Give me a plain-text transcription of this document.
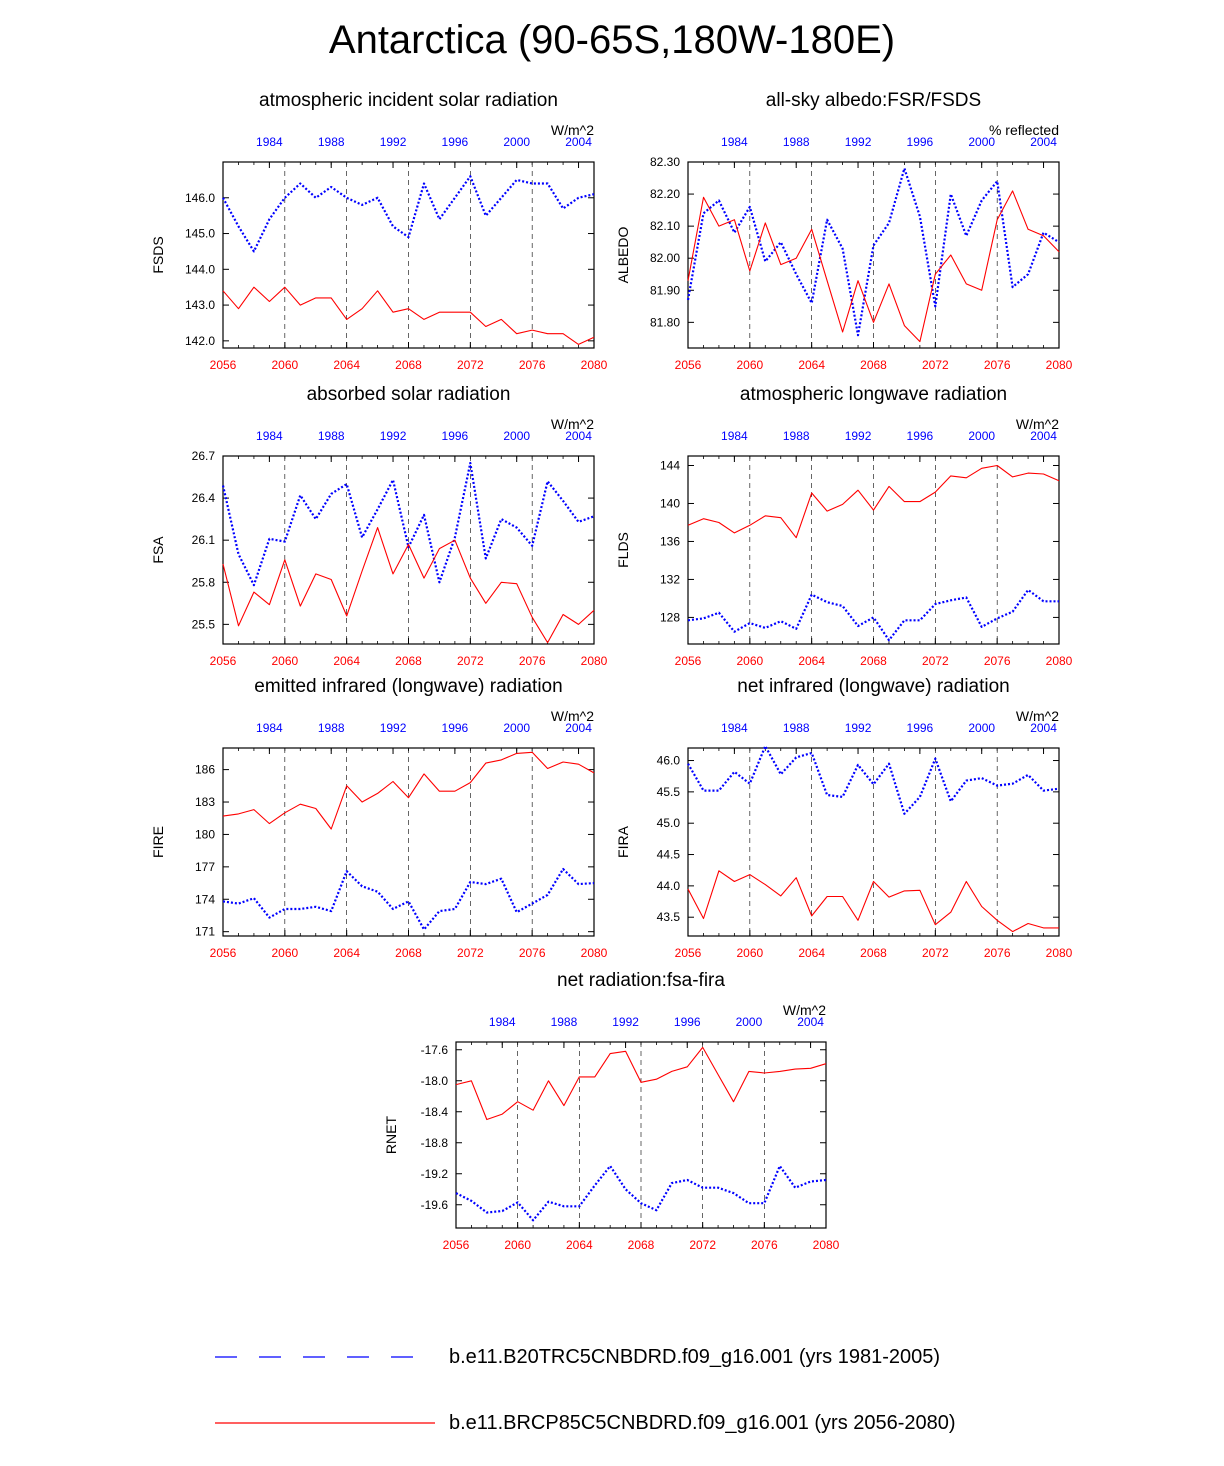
Antarctica (90-65S,180W-180E)
atmospheric incident solar radiation
W/m^2
FSDS
2056	2060	2064	2068	2072	2076	2080
1984	1988	1992	1996	2000	2004
142.0
143.0
144.0
145.0
146.0
all-sky albedo:FSR/FSDS
% reflected
ALBEDO
2056	2060	2064	2068	2072	2076	2080
1984	1988	1992	1996	2000	2004
81.80
81.90
82.00
82.10
82.20
82.30
absorbed solar radiation
W/m^2
FSA
2056	2060	2064	2068	2072	2076	2080
1984	1988	1992	1996	2000	2004
25.5
25.8
26.1
26.4
26.7
atmospheric longwave radiation
W/m^2
FLDS
2056	2060	2064	2068	2072	2076	2080
1984	1988	1992	1996	2000	2004
128
132
136
140
144
emitted infrared (longwave) radiation
W/m^2
FIRE
2056	2060	2064	2068	2072	2076	2080
1984	1988	1992	1996	2000	2004
171
174
177
180
183
186
net infrared (longwave) radiation
W/m^2
FIRA
2056	2060	2064	2068	2072	2076	2080
1984	1988	1992	1996	2000	2004
43.5
44.0
44.5
45.0
45.5
46.0
net radiation:fsa-fira
W/m^2
RNET
2056	2060	2064	2068	2072	2076	2080
1984	1988	1992	1996	2000	2004
-19.6
-19.2
-18.8
-18.4
-18.0
-17.6
b.e11.B20TRC5CNBDRD.f09_g16.001 (yrs 1981-2005)
b.e11.BRCP85C5CNBDRD.f09_g16.001 (yrs 2056-2080)
